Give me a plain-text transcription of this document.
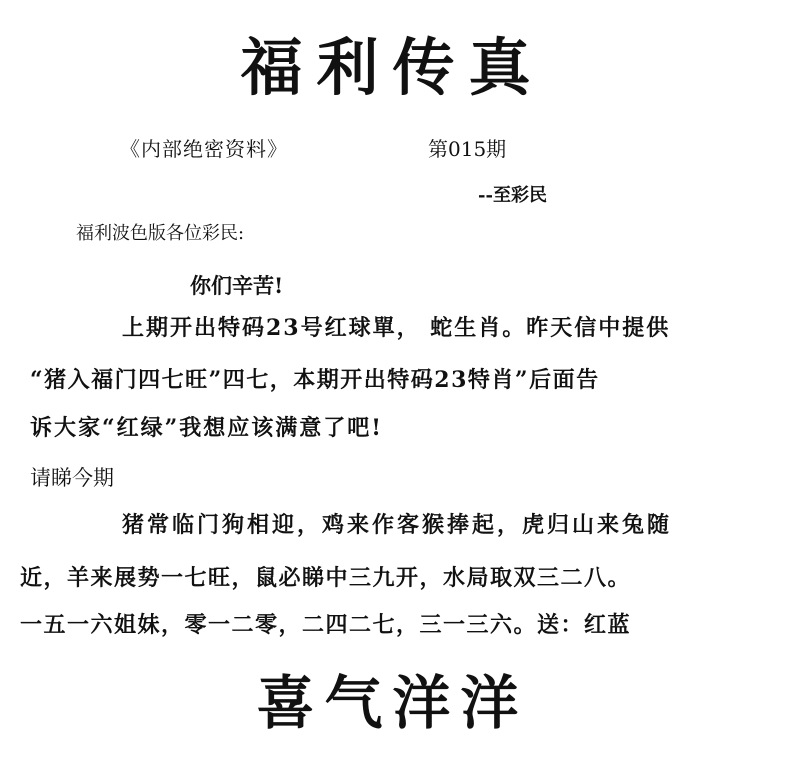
福利传真
《内部绝密资料》	第015期
--至彩民
福利波色版各位彩民:
你们辛苦!
上期开出特码23号红球單， 蛇生肖。昨天信中提供
“猪入福门四七旺”四七，本期开出特码23特肖”后面告
诉大家“红绿”我想应该满意了吧!
请睇今期
猪常临门狗相迎，鸡来作客猴捧起，虎归山来兔随
近，羊来展势一七旺，鼠必睇中三九开，水局取双三二八。
一五一六姐妹，零一二零，二四二七，三一三六。送：红蓝
喜气洋洋
